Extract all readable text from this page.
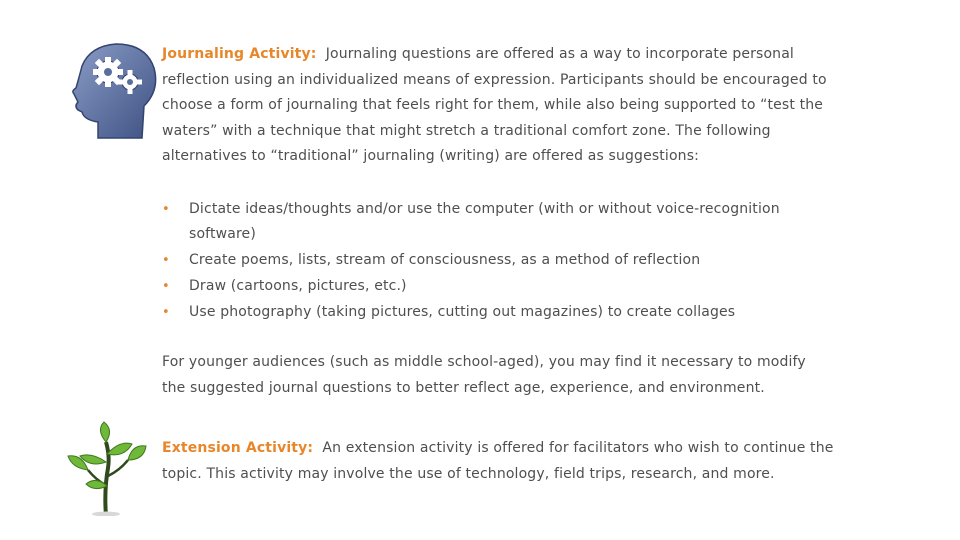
Journaling Activity: Journaling questions are offered as a way to incorporate personal reflection using an individualized means of expression. Participants should be encouraged to choose a form of journaling that feels right for them, while also being supported to “test the waters” with a technique that might stretch a traditional comfort zone. The following alternatives to “traditional” journaling (writing) are offered as suggestions:
• Dictate ideas/thoughts and/or use the computer (with or without voice-recognition software)
• Create poems, lists, stream of consciousness, as a method of reflection
• Draw (cartoons, pictures, etc.)
• Use photography (taking pictures, cutting out magazines) to create collages
For younger audiences (such as middle school-aged), you may find it necessary to modify the suggested journal questions to better reflect age, experience, and environment.
Extension Activity: An extension activity is offered for facilitators who wish to continue the topic. This activity may involve the use of technology, field trips, research, and more.
